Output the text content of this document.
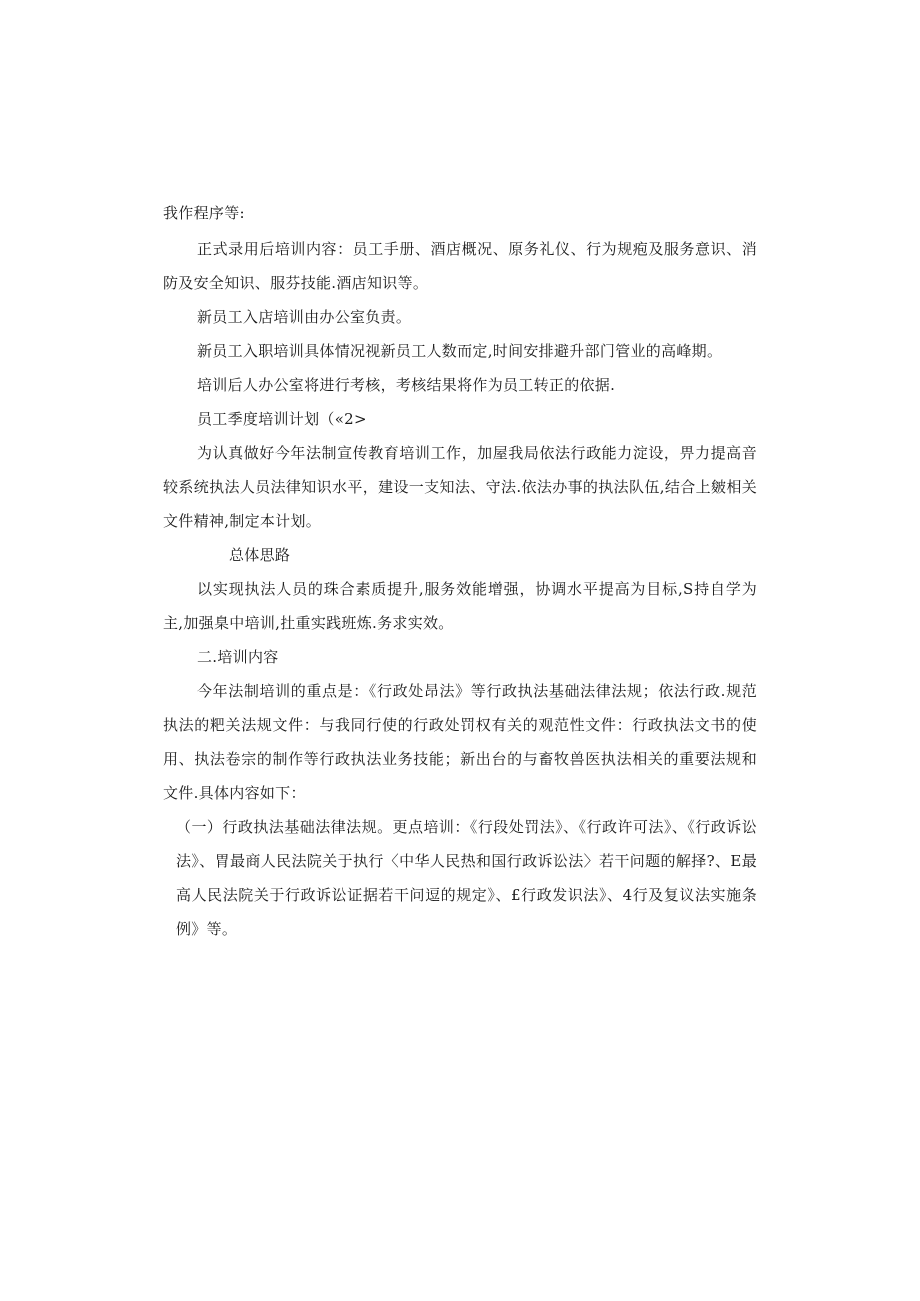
我作程序等:

正式录用后培训内容：员工手册、酒店概况、原务礼仪、行为规疱及服务意识、消防及安全知识、服芬技能.酒店知识等。

新员工入店培训由办公室负责。

新员工入职培训具体情况视新员工人数而定,时间安排避升部门管业的高峰期。

培训后人办公室将进行考核，考核结果将作为员工转正的依据.

员工季度培训计划（«2>

为认真做好今年法制宣传教育培训工作，加屋我局依法行政能力淀设，畀力提高音较系统执法人员法律知识水平，建设一支知法、守法.依法办事的执法队伍,结合上皴相关文件精神,制定本计划。

总体思路

以实现执法人员的珠合素质提升,服务效能增强，协调水平提高为目标,S持自学为主,加强臬中培训,扗重实践班炼.务求实效。

二.培训内容

今年法制培训的重点是：《行政处昂法》等行政执法基础法律法规；依法行政.规范执法的粑关法规文件：与我同行使的行政处罚权有关的观范性文件：行政执法文书的使用、执法卷宗的制作等行政执法业务技能；新出台的与畜牧兽医执法相关的重要法规和文件.具体内容如下：

（一）行政执法基础法律法规。更点培训：《行段处罚法》、《行政许可法》、《行政诉讼法》、胃最商人民法院关于执行〈中华人民热和国行政诉讼法〉若干问题的解择?、E最高人民法院关于行政诉讼证据若干问逗的规定》、£行政发识法》、4行及复议法实施条例》等。
